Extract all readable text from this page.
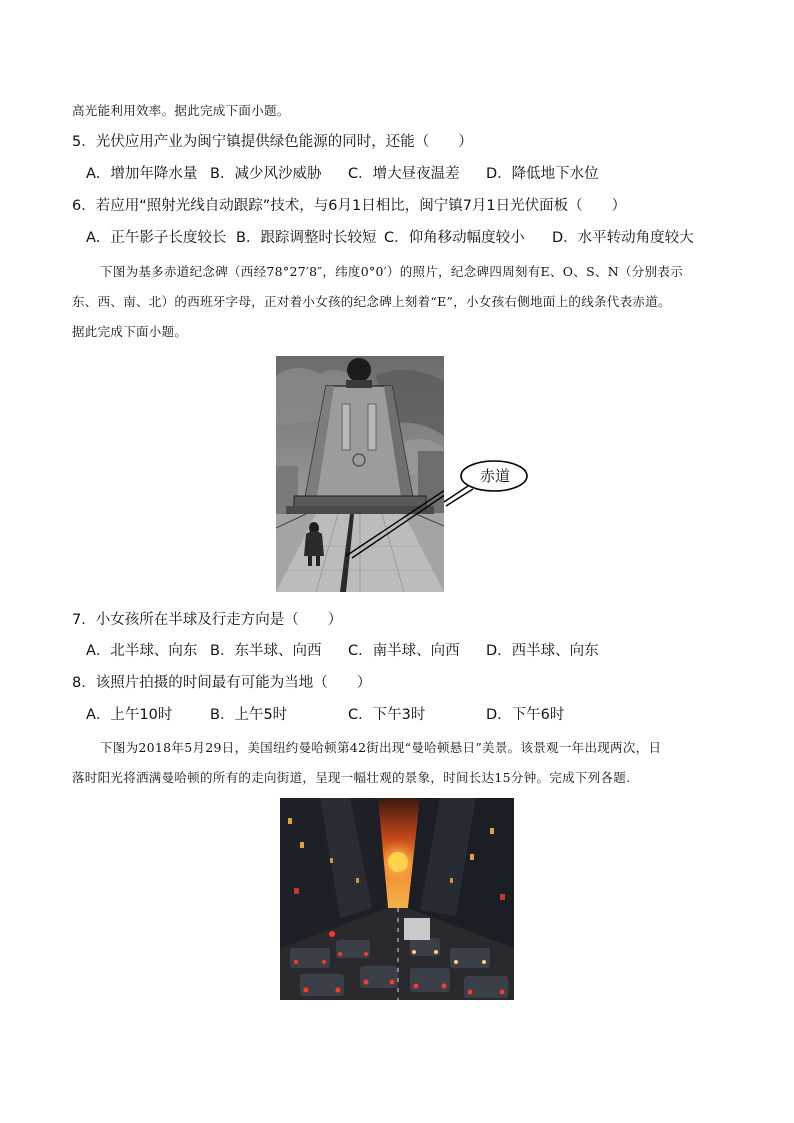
高光能利用效率。据此完成下面小题。
5．光伏应用产业为闽宁镇提供绿色能源的同时，还能（　　）
A．增加年降水量 B．减少风沙威胁 C．增大昼夜温差 D．降低地下水位
6．若应用“照射光线自动跟踪”技术，与6月1日相比，闽宁镇7月1日光伏面板（　　）
A．正午影子长度较长 B．跟踪调整时长较短 C．仰角移动幅度较小 D．水平转动角度较大
下图为基多赤道纪念碑（西经78°27′8″，纬度0°0′）的照片，纪念碑四周刻有E、O、S、N（分别表示
东、西、南、北）的西班牙字母，正对着小女孩的纪念碑上刻着“E”，小女孩右侧地面上的线条代表赤道。
据此完成下面小题。
赤道
7．小女孩所在半球及行走方向是（　　）
A．北半球、向东 B．东半球、向西 C．南半球、向西 D．西半球、向东
8．该照片拍摄的时间最有可能为当地（　　）
A．上午10时	B．上午5时	C．下午3时	D．下午6时
下图为2018年5月29日，美国纽约曼哈顿第42街出现“曼哈顿悬日”美景。该景观一年出现两次，日
落时阳光将洒满曼哈顿的所有的走向街道，呈现一幅壮观的景象，时间长达15分钟。完成下列各题.
